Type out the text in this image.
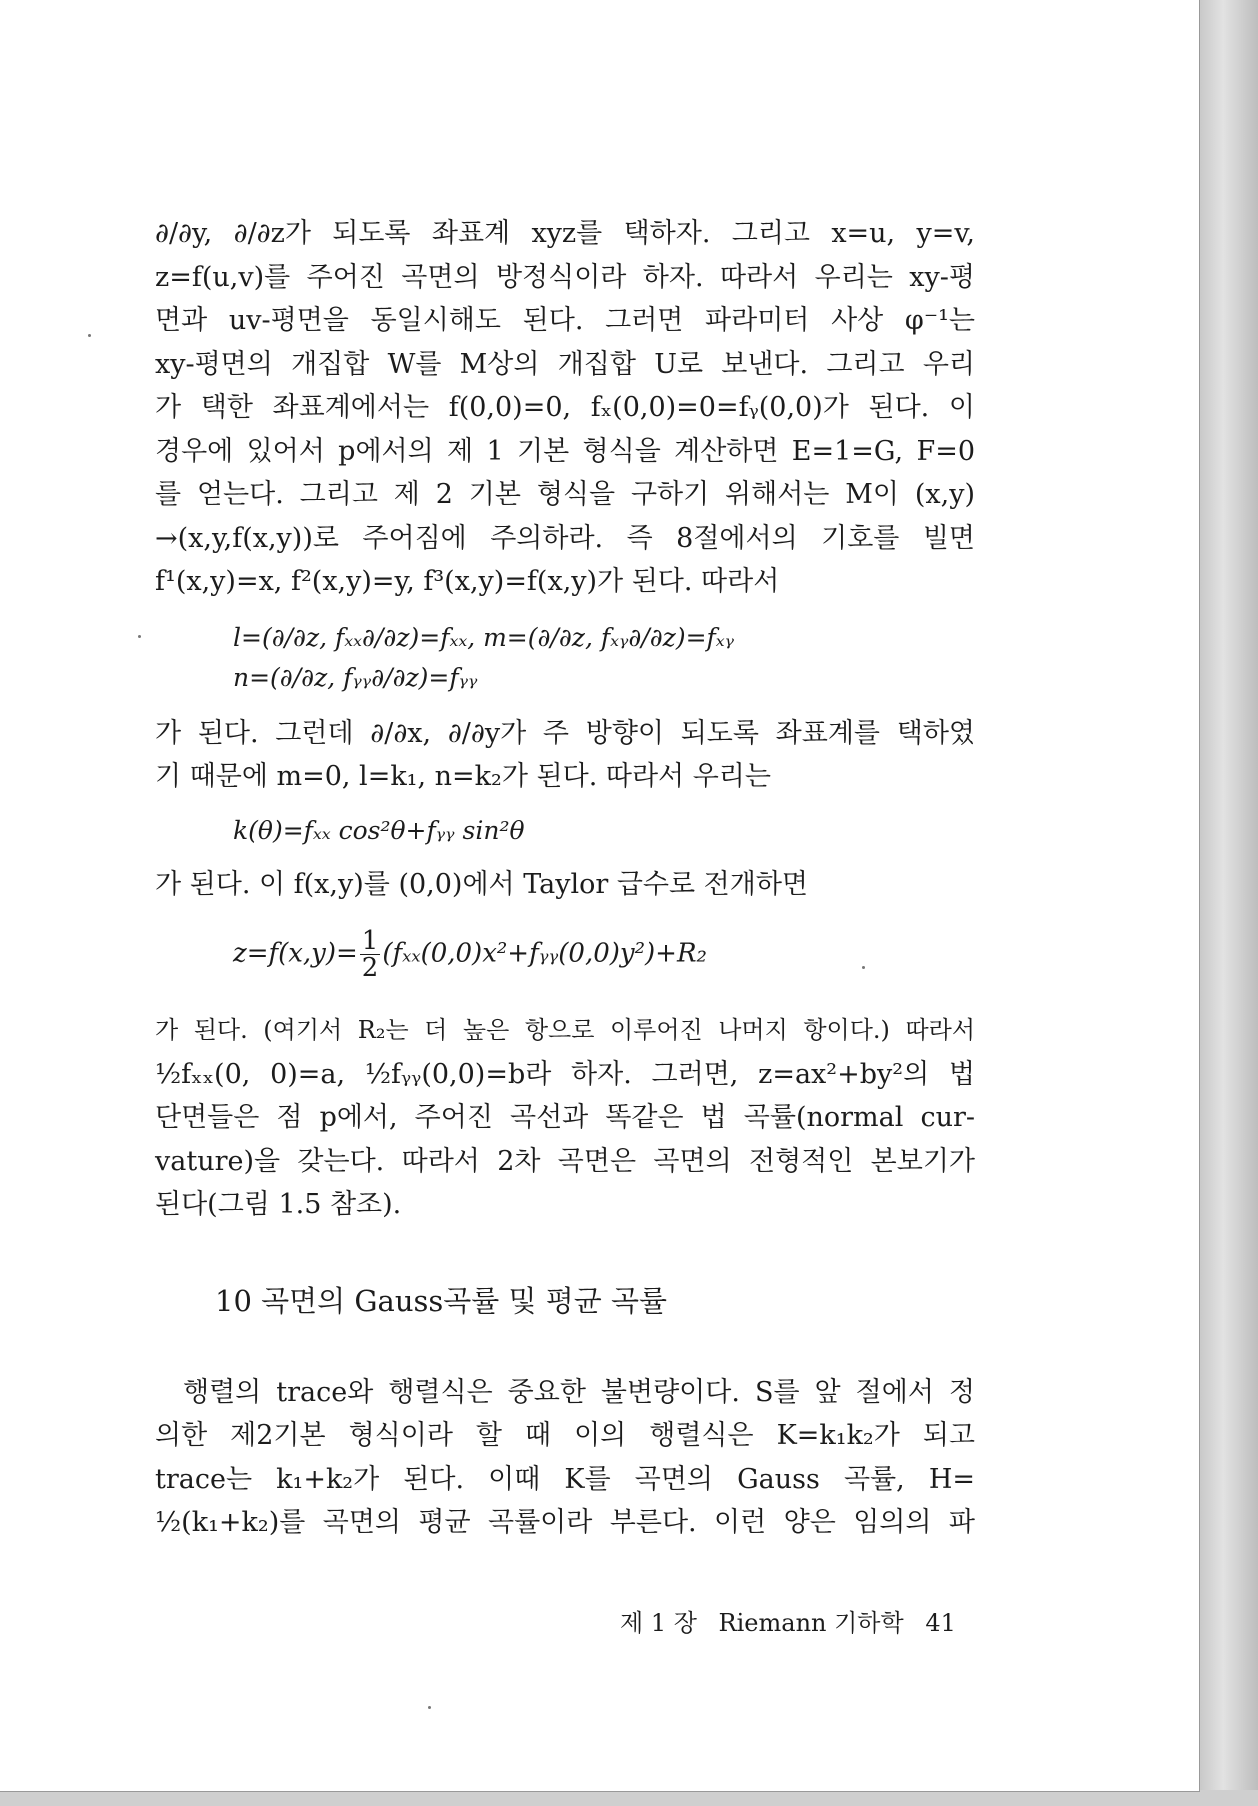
∂/∂y, ∂/∂z가 되도록 좌표계 xyz를 택하자. 그리고 x=u, y=v,
z=f(u,v)를 주어진 곡면의 방정식이라 하자. 따라서 우리는 xy-평
면과 uv-평면을 동일시해도 된다. 그러면 파라미터 사상 φ⁻¹는
xy-평면의 개집합 W를 M상의 개집합 U로 보낸다. 그리고 우리
가 택한 좌표계에서는 f(0,0)=0, fₓ(0,0)=0=fᵧ(0,0)가 된다. 이
경우에 있어서 p에서의 제 1 기본 형식을 계산하면 E=1=G, F=0
를 얻는다. 그리고 제 2 기본 형식을 구하기 위해서는 M이 (x,y)
→(x,y,f(x,y))로 주어짐에 주의하라. 즉 8절에서의 기호를 빌면
f¹(x,y)=x, f²(x,y)=y, f³(x,y)=f(x,y)가 된다. 따라서

l=(∂/∂z, fₓₓ∂/∂z)=fₓₓ, m=(∂/∂z, fₓᵧ∂/∂z)=fₓᵧ
n=(∂/∂z, fᵧᵧ∂/∂z)=fᵧᵧ

가 된다. 그런데 ∂/∂x, ∂/∂y가 주 방향이 되도록 좌표계를 택하였
기 때문에 m=0, l=k₁, n=k₂가 된다. 따라서 우리는

k(θ)=fₓₓ cos²θ+fᵧᵧ sin²θ

가 된다. 이 f(x,y)를 (0,0)에서 Taylor 급수로 전개하면

$z=f(x,y)= \frac{1}{2}$ (fₓₓ(0,0)x²+fᵧᵧ(0,0)y²)+R₂

가 된다. (여기서 R₂는 더 높은 항으로 이루어진 나머지 항이다.) 따라서
½fₓₓ(0, 0)=a, ½fᵧᵧ(0,0)=b라 하자. 그러면, z=ax²+by²의 법
단면들은 점 p에서, 주어진 곡선과 똑같은 법 곡률(normal cur-
vature)을 갖는다. 따라서 2차 곡면은 곡면의 전형적인 본보기가
된다(그림 1.5 참조).

10 곡면의 Gauss곡률 및 평균 곡률

행렬의 trace와 행렬식은 중요한 불변량이다. S를 앞 절에서 정
의한 제2기본 형식이라 할 때 이의 행렬식은 K=k₁k₂가 되고
trace는 k₁+k₂가 된다. 이때 K를 곡면의 Gauss 곡률, H=
½(k₁+k₂)를 곡면의 평균 곡률이라 부른다. 이런 양은 임의의 파

제 1 장 Riemann 기하학 41
